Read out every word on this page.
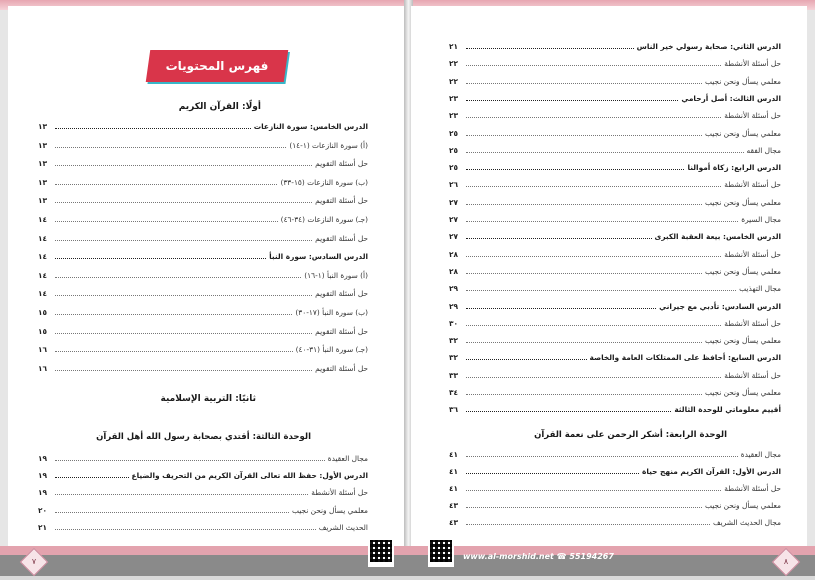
فهرس المحتويات
أولًا: القرآن الكريم
الدرس الخامس: سورة النازعات
١٣
(أ) سورة النازعات (١-١٤)
١٣
حل أسئلة التقويم
١٣
(ب) سورة النازعات (١٥-٣٣)
١٣
حل أسئلة التقويم
١٣
(جـ) سورة النازعات (٣٤-٤٦)
١٤
حل أسئلة التقويم
١٤
الدرس السادس: سورة النبأ
١٤
(أ) سورة النبأ (١-١٦)
١٤
حل أسئلة التقويم
١٤
(ب) سورة النبأ (١٧-٣٠)
١٥
حل أسئلة التقويم
١٥
(جـ) سورة النبأ (٣١-٤٠)
١٦
حل أسئلة التقويم
١٦
ثانيًا: التربية الإسلامية
الوحدة الثالثة: أقتدي بصحابة رسول الله أهل القرآن
مجال العقيدة
١٩
الدرس الأول: حفظ الله تعالى القرآن الكريم من التحريف والضياع
١٩
حل أسئلة الأنشطة
١٩
معلمي يسأل ونحن نجيب
٢٠
الحديث الشريف
٢١
الدرس الثاني: صحابة رسولي خير الناس
٢١
حل أسئلة الأنشطة
٢٢
معلمي يسأل ونحن نجيب
٢٢
الدرس الثالث: أصل أرحامي
٢٣
حل أسئلة الأنشطة
٢٣
معلمي يسأل ونحن نجيب
٢٥
مجال الفقه
٢٥
الدرس الرابع: زكاة أموالنا
٢٥
حل أسئلة الأنشطة
٢٦
معلمي يسأل ونحن نجيب
٢٧
مجال السيرة
٢٧
الدرس الخامس: بيعة العقبة الكبرى
٢٧
حل أسئلة الأنشطة
٢٨
معلمي يسأل ونحن نجيب
٢٨
مجال التهذيب
٢٩
الدرس السادس: تأدبي مع جيراني
٢٩
حل أسئلة الأنشطة
٣٠
معلمي يسأل ونحن نجيب
٣٢
الدرس السابع: أحافظ على الممتلكات العامة والخاصة
٣٢
حل أسئلة الأنشطة
٣٣
معلمي يسأل ونحن نجيب
٣٤
أقييم معلوماتي للوحدة الثالثة
٣٦
الوحدة الرابعة: أشكر الرحمن على نعمة القرآن
مجال العقيدة
٤١
الدرس الأول: القرآن الكريم منهج حياة
٤١
حل أسئلة الأنشطة
٤١
معلمي يسأل ونحن نجيب
٤٣
مجال الحديث الشريف
٤٣
٧	٨
www.al-morshid.net ☎ 55194267
